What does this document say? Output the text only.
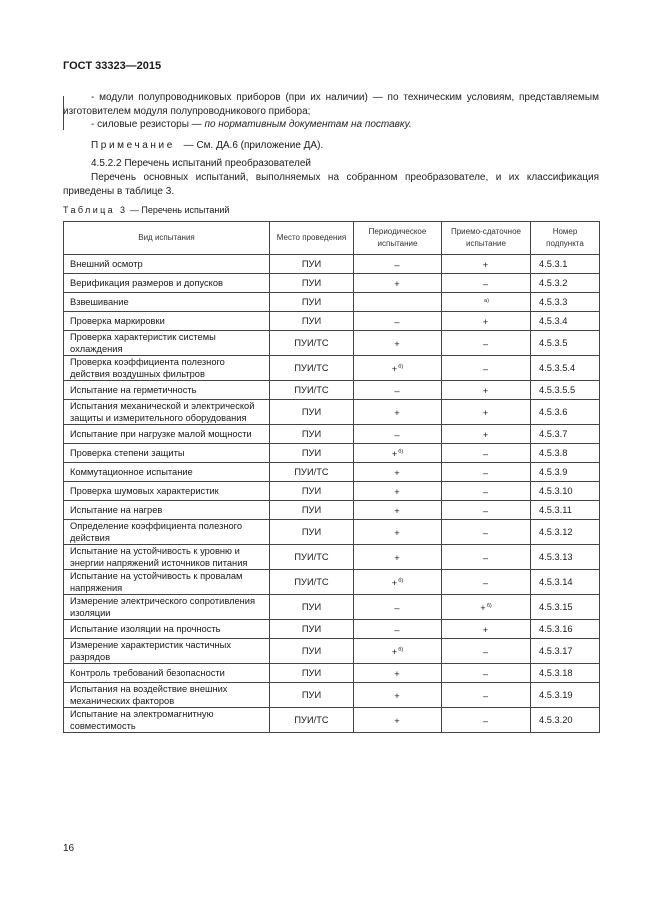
ГОСТ 33323—2015
- модули полупроводниковых приборов (при их наличии) — по техническим условиям, представляемым изготовителем модуля полупроводникового прибора;
- силовые резисторы — по нормативным документам на поставку.
Примечание — См. ДА.6 (приложение ДА).
4.5.2.2 Перечень испытаний преобразователей
Перечень основных испытаний, выполняемых на собранном преобразователе, и их классификация приведены в таблице 3.
Таблица 3 — Перечень испытаний
Вид испытания	Место проведения	Периодическое испытание	Приемо-сдаточное испытание	Номер подпункта
Внешний осмотр	ПУИ	–	+	4.5.3.1
Верификация размеров и допусков	ПУИ	+	–	4.5.3.2
Взвешивание	ПУИ		$^{а)}$	4.5.3.3
Проверка маркировки	ПУИ	–	+	4.5.3.4
Проверка характеристик системы охлаждения	ПУИ/ТС	+	–	4.5.3.5
Проверка коэффициента полезного действия воздушных фильтров	ПУИ/ТС	+$^{б)}$	–	4.5.3.5.4
Испытание на герметичность	ПУИ/ТС	–	+	4.5.3.5.5
Испытания механической и электрической защиты и измерительного оборудования	ПУИ	+	+	4.5.3.6
Испытание при нагрузке малой мощности	ПУИ	–	+	4.5.3.7
Проверка степени защиты	ПУИ	+$^{б)}$	–	4.5.3.8
Коммутационное испытание	ПУИ/ТС	+	–	4.5.3.9
Проверка шумовых характеристик	ПУИ	+	–	4.5.3.10
Испытание на нагрев	ПУИ	+	–	4.5.3.11
Определение коэффициента полезного действия	ПУИ	+	–	4.5.3.12
Испытание на устойчивость к уровню и энергии напряжений источников питания	ПУИ/ТС	+	–	4.5.3.13
Испытание на устойчивость к провалам напряжения	ПУИ/ТС	+$^{б)}$	–	4.5.3.14
Измерение электрического сопротивления изоляции	ПУИ	–	+$^{б)}$	4.5.3.15
Испытание изоляции на прочность	ПУИ	–	+	4.5.3.16
Измерение характеристик частичных разрядов	ПУИ	+$^{б)}$	–	4.5.3.17
Контроль требований безопасности	ПУИ	+	–	4.5.3.18
Испытания на воздействие внешних механических факторов	ПУИ	+	–	4.5.3.19
Испытание на электромагнитную совместимость	ПУИ/ТС	+	–	4.5.3.20
16
